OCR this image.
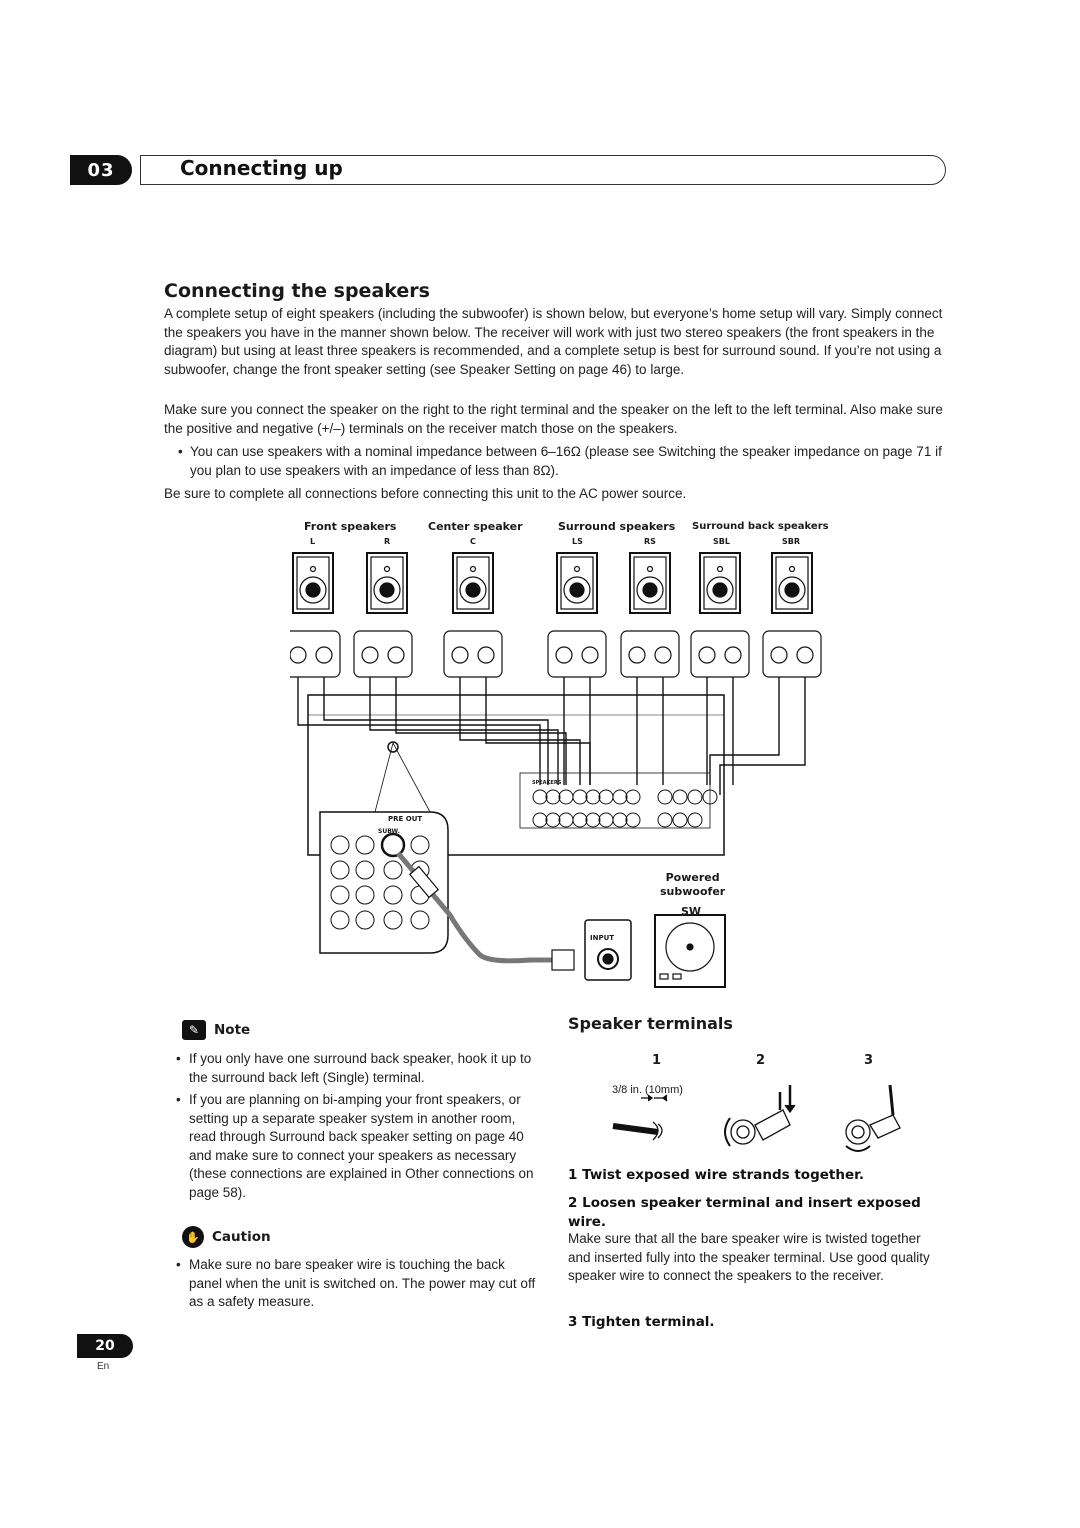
03	Connecting up
Connecting the speakers
A complete setup of eight speakers (including the subwoofer) is shown below, but everyone’s home setup will vary. Simply connect the speakers you have in the manner shown below. The receiver will work with just two stereo speakers (the front speakers in the diagram) but using at least three speakers is recommended, and a complete setup is best for surround sound. If you’re not using a subwoofer, change the front speaker setting (see Speaker Setting on page 46) to large.
Make sure you connect the speaker on the right to the right terminal and the speaker on the left to the left terminal. Also make sure the positive and negative (+/–) terminals on the receiver match those on the speakers.
• You can use speakers with a nominal impedance between 6–16Ω (please see Switching the speaker impedance on page 71 if you plan to use speakers with an impedance of less than 8Ω).
Be sure to complete all connections before connecting this unit to the AC power source.
Front speakers	Center speaker	Surround speakers Surround back speakers
L	R	C	LS	RS	SBL	SBR
PRE OUT
SUBW.
SPEAKERS
INPUT
Powered
subwoofer
SW
✎	Note
• If you only have one surround back speaker, hook it up to the surround back left (Single) terminal.
• If you are planning on bi-amping your front speakers, or setting up a separate speaker system in another room, read through Surround back speaker setting on page 40 and make sure to connect your speakers as necessary (these connections are explained in Other connections on page 58).
✋ Caution
• Make sure no bare speaker wire is touching the back panel when the unit is switched on. The power may cut off as a safety measure.
Speaker terminals
1	2	3
3/8 in. (10mm)
1 Twist exposed wire strands together.
2 Loosen speaker terminal and insert exposed wire.
Make sure that all the bare speaker wire is twisted together and inserted fully into the speaker terminal. Use good quality speaker wire to connect the speakers to the receiver.
3 Tighten terminal.
20
En
